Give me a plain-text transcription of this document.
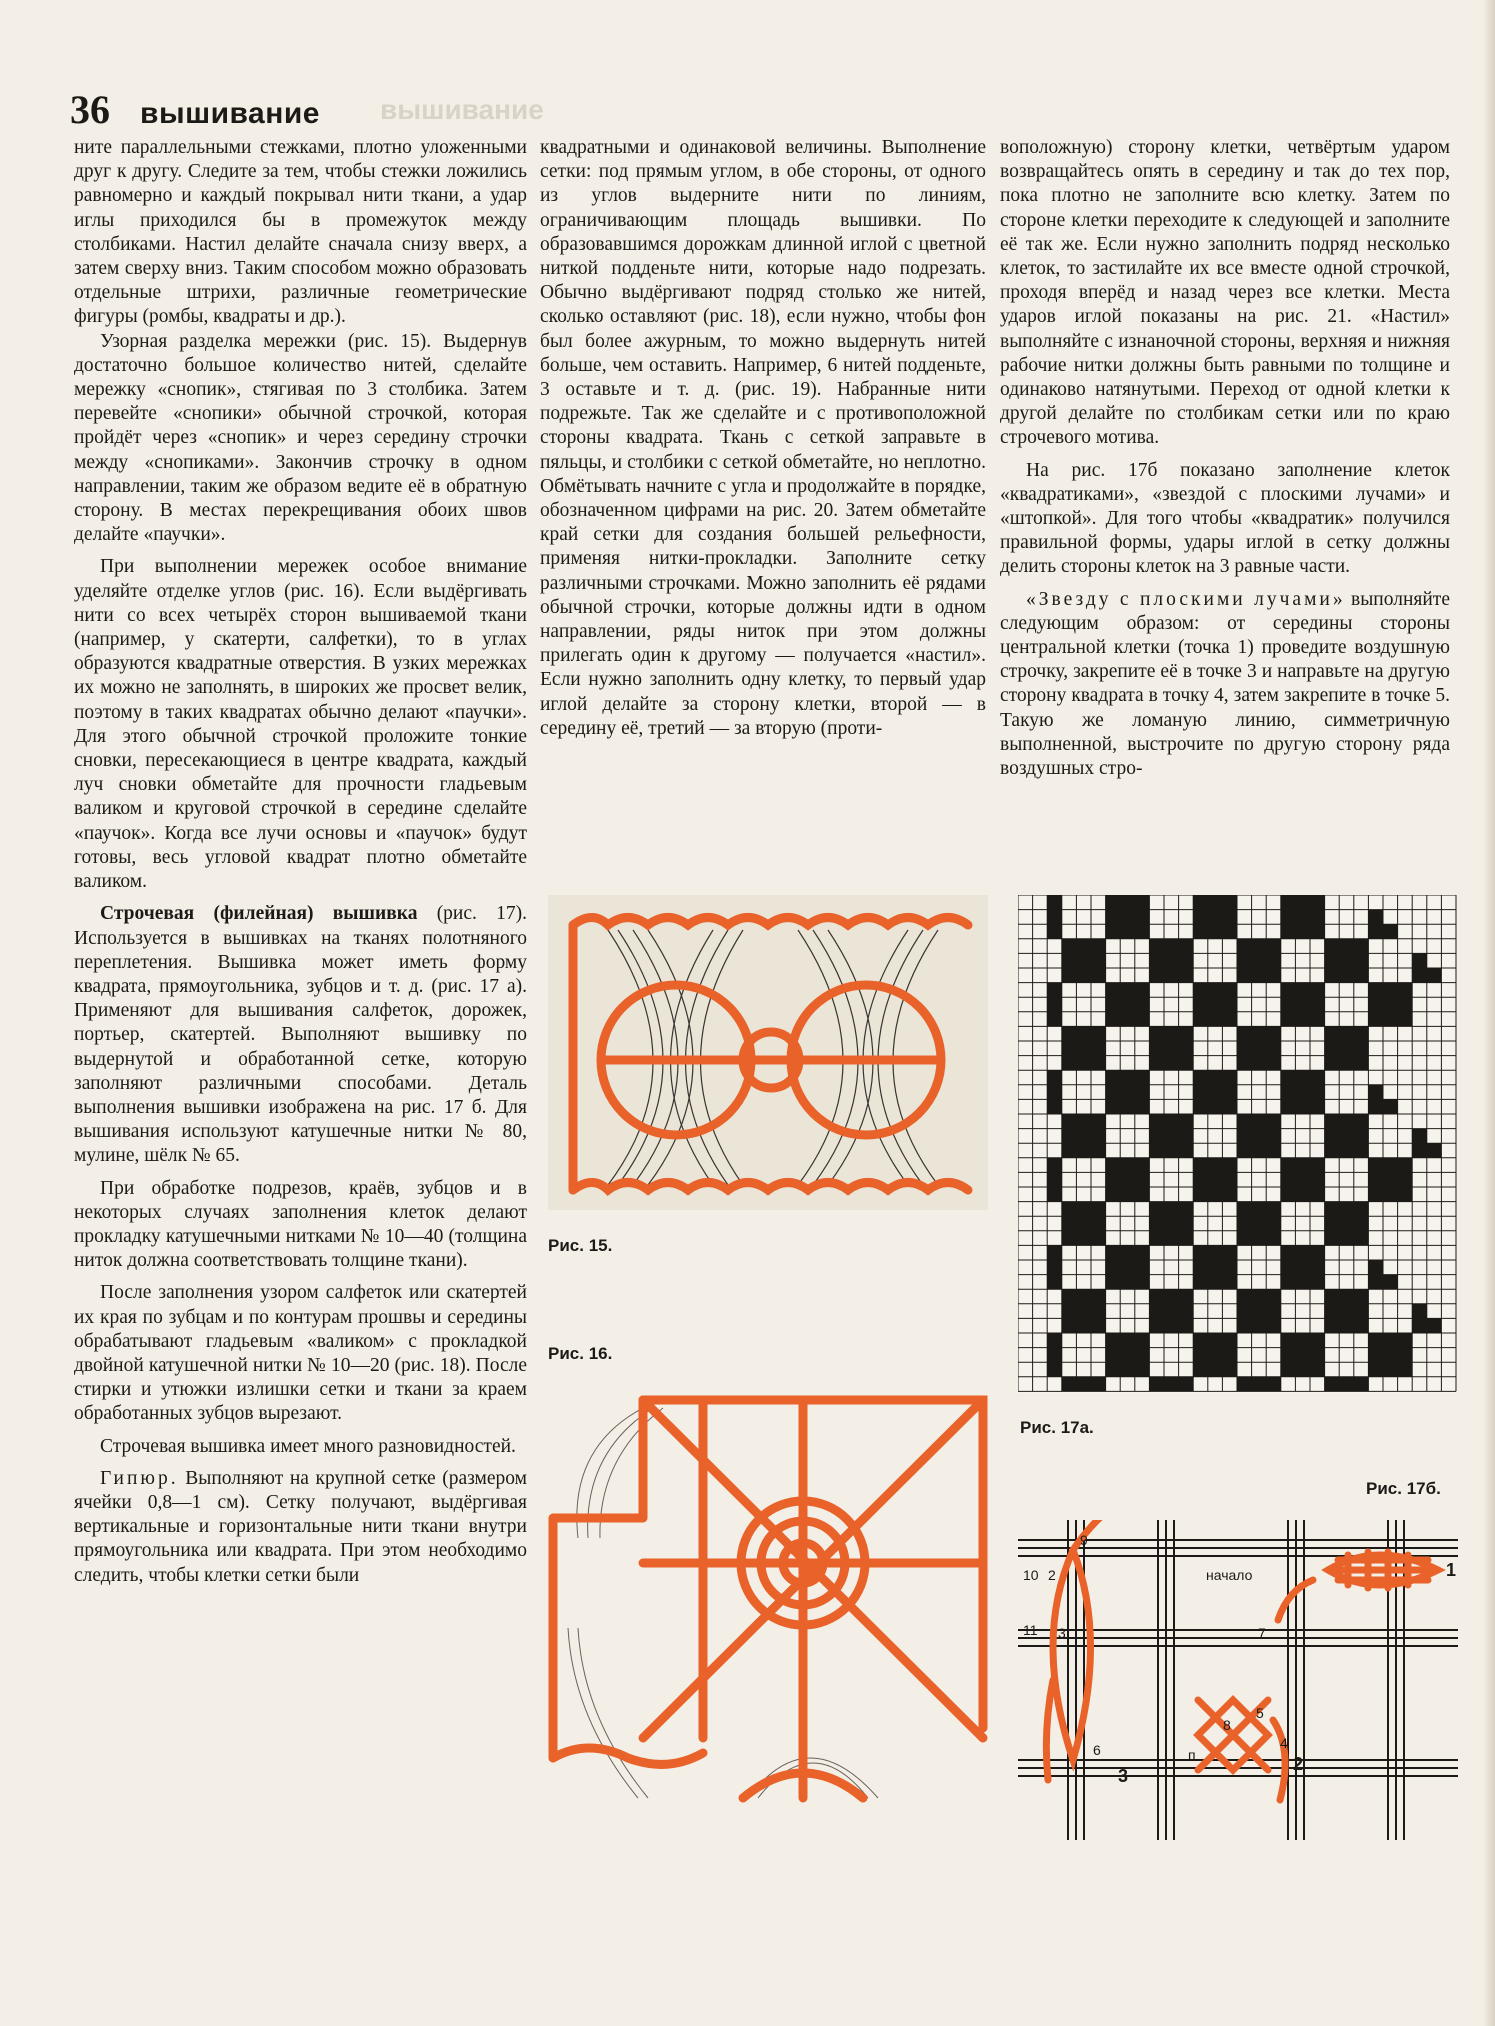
36 вышивание вышивание

ните параллельными стежками, плотно уложенными друг к другу. Следите за тем, чтобы стежки ложились равномерно и каждый покрывал нити ткани, а удар иглы приходился бы в промежуток между столбиками. Настил делайте сначала снизу вверх, а затем сверху вниз. Таким способом можно образовать отдельные штрихи, различные геометрические фигуры (ромбы, квадраты и др.).

Узорная разделка мережки (рис. 15). Выдернув достаточно большое количество нитей, сделайте мережку «снопик», стягивая по 3 столбика. Затем перевейте «снопики» обычной строчкой, которая пройдёт через «снопик» и через середину строчки между «снопиками». Закончив строчку в одном направлении, таким же образом ведите её в обратную сторону. В местах перекрещивания обоих швов делайте «паучки».

При выполнении мережек особое внимание уделяйте отделке углов (рис. 16). Если выдёргивать нити со всех четырёх сторон вышиваемой ткани (например, у скатерти, салфетки), то в углах образуются квадратные отверстия. В узких мережках их можно не заполнять, в широких же просвет велик, поэтому в таких квадратах обычно делают «паучки». Для этого обычной строчкой проложите тонкие сновки, пересекающиеся в центре квадрата, каждый луч сновки обметайте для прочности гладьевым валиком и круговой строчкой в середине сделайте «паучок». Когда все лучи основы и «паучок» будут готовы, весь угловой квадрат плотно обметайте валиком.

Строчевая (филейная) вышивка (рис. 17). Используется в вышивках на тканях полотняного переплетения. Вышивка может иметь форму квадрата, прямоугольника, зубцов и т. д. (рис. 17 а). Применяют для вышивания салфеток, дорожек, портьер, скатертей. Выполняют вышивку по выдернутой и обработанной сетке, которую заполняют различными способами. Деталь выполнения вышивки изображена на рис. 17 б. Для вышивания используют катушечные нитки № 80, мулине, шёлк № 65.

При обработке подрезов, краёв, зубцов и в некоторых случаях заполнения клеток делают прокладку катушечными нитками № 10—40 (толщина ниток должна соответствовать толщине ткани).

После заполнения узором салфеток или скатертей их края по зубцам и по контурам прошвы и середины обрабатывают гладьевым «валиком» с прокладкой двойной катушечной нитки № 10—20 (рис. 18). После стирки и утюжки излишки сетки и ткани за краем обработанных зубцов вырезают.

Строчевая вышивка имеет много разновидностей.

Гипюр. Выполняют на крупной сетке (размером ячейки 0,8—1 см). Сетку получают, выдёргивая вертикальные и горизонтальные нити ткани внутри прямоугольника или квадрата. При этом необходимо следить, чтобы клетки сетки были

квадратными и одинаковой величины. Выполнение сетки: под прямым углом, в обе стороны, от одного из углов выдерните нити по линиям, ограничивающим площадь вышивки. По образовавшимся дорожкам длинной иглой с цветной ниткой подденьте нити, которые надо подрезать. Обычно выдёргивают подряд столько же нитей, сколько оставляют (рис. 18), если нужно, чтобы фон был более ажурным, то можно выдернуть нитей больше, чем оставить. Например, 6 нитей подденьте, 3 оставьте и т. д. (рис. 19). Набранные нити подрежьте. Так же сделайте и с противоположной стороны квадрата. Ткань с сеткой заправьте в пяльцы, и столбики с сеткой обметайте, но неплотно. Обмётывать начните с угла и продолжайте в порядке, обозначенном цифрами на рис. 20. Затем обметайте край сетки для создания большей рельефности, применяя нитки-прокладки. Заполните сетку различными строчками. Можно заполнить её рядами обычной строчки, которые должны идти в одном направлении, ряды ниток при этом должны прилегать один к другому — получается «настил». Если нужно заполнить одну клетку, то первый удар иглой делайте за сторону клетки, второй — в середину её, третий — за вторую (проти-

воположную) сторону клетки, четвёртым ударом возвращайтесь опять в середину и так до тех пор, пока плотно не заполните всю клетку. Затем по стороне клетки переходите к следующей и заполните её так же. Если нужно заполнить подряд несколько клеток, то застилайте их все вместе одной строчкой, проходя вперёд и назад через все клетки. Места ударов иглой показаны на рис. 21. «Настил» выполняйте с изнаночной стороны, верхняя и нижняя рабочие нитки должны быть равными по толщине и одинаково натянутыми. Переход от одной клетки к другой делайте по столбикам сетки или по краю строчевого мотива.

На рис. 17б показано заполнение клеток «квадратиками», «звездой с плоскими лучами» и «штопкой». Для того чтобы «квадратик» получился правильной формы, удары иглой в сетку должны делить стороны клеток на 3 равные части.

«Звезду с плоскими лучами» выполняйте следующим образом: от середины стороны центральной клетки (точка 1) проведите воздушную строчку, закрепите её в точке 3 и направьте на другую сторону квадрата в точку 4, затем закрепите в точке 5. Такую же ломаную линию, симметричную выполненной, выстрочите по другую сторону ряда воздушных стро-

Рис. 15.
Рис. 16.
Рис. 17а.
Рис. 17б.
начало	1
2
3
2
3
6
9
10
11	7
8
5
4
п
